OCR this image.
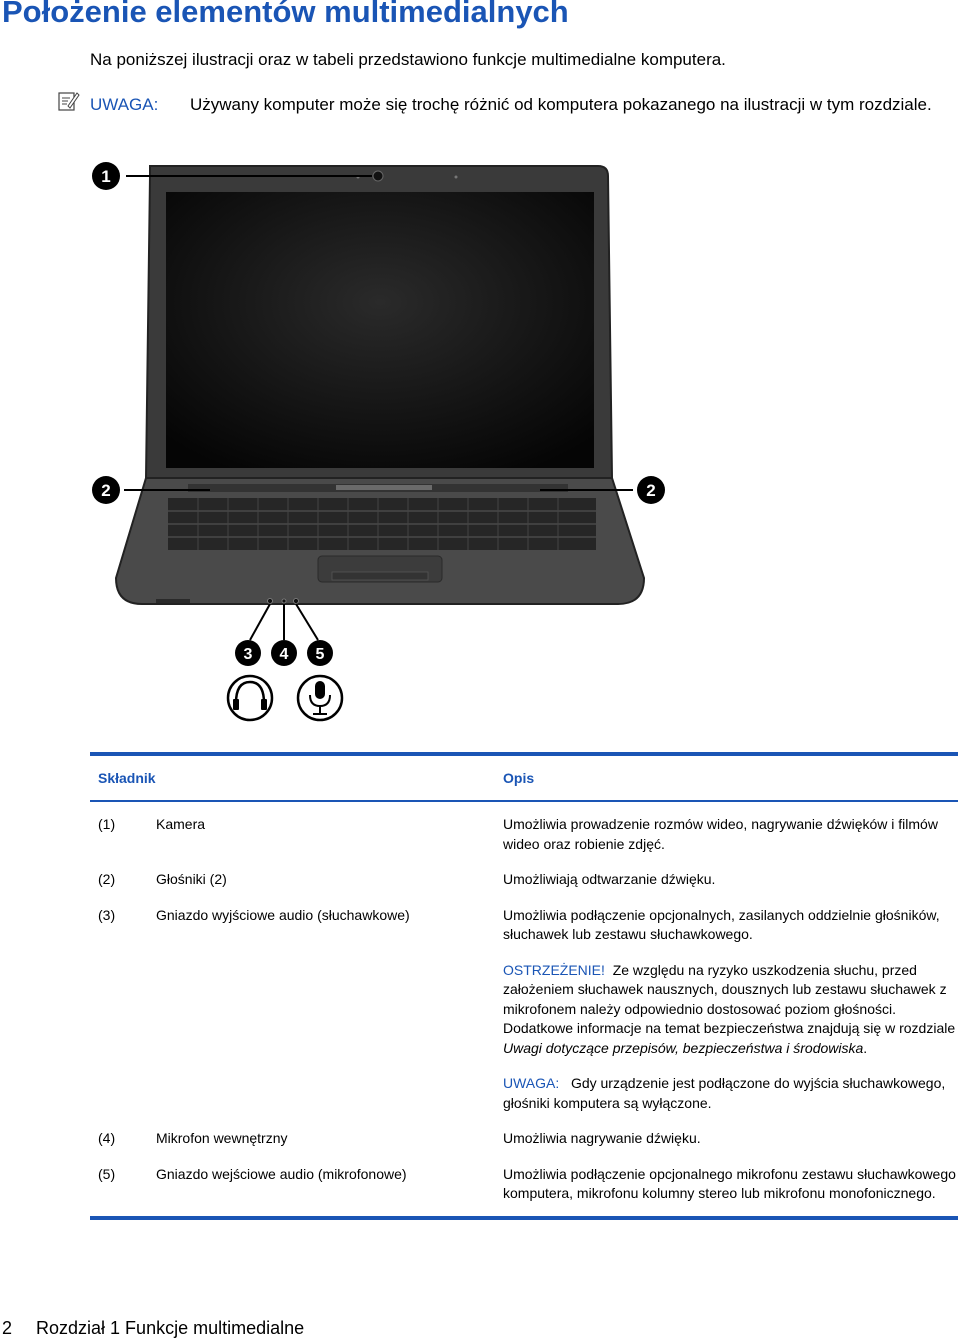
Położenie elementów multimedialnych

Na poniższej ilustracji oraz w tabeli przedstawiono funkcje multimedialne komputera.

UWAGA: Używany komputer może się trochę różnić od komputera pokazanego na ilustracji w tym rozdziale.

1
2	2
3 4 5
Składnik	Opis
(1)	Kamera	Umożliwia prowadzenie rozmów wideo, nagrywanie dźwięków i filmów wideo oraz robienie zdjęć.

(2)	Głośniki (2)	Umożliwiają odtwarzanie dźwięku.

(3)	Gniazdo wyjściowe audio (słuchawkowe)	Umożliwia podłączenie opcjonalnych, zasilanych oddzielnie głośników, słuchawek lub zestawu słuchawkowego.

OSTRZEŻENIE! Ze względu na ryzyko uszkodzenia słuchu, przed założeniem słuchawek nausznych, dousznych lub zestawu słuchawek z mikrofonem należy odpowiednio dostosować poziom głośności. Dodatkowe informacje na temat bezpieczeństwa znajdują się w rozdziale Uwagi dotyczące przepisów, bezpieczeństwa i środowiska.

UWAGA: Gdy urządzenie jest podłączone do wyjścia słuchawkowego, głośniki komputera są wyłączone.

(4)	Mikrofon wewnętrzny	Umożliwia nagrywanie dźwięku.

(5)	Gniazdo wejściowe audio (mikrofonowe)	Umożliwia podłączenie opcjonalnego mikrofonu zestawu słuchawkowego komputera, mikrofonu kolumny stereo lub mikrofonu monofonicznego.

2 Rozdział 1 Funkcje multimedialne
